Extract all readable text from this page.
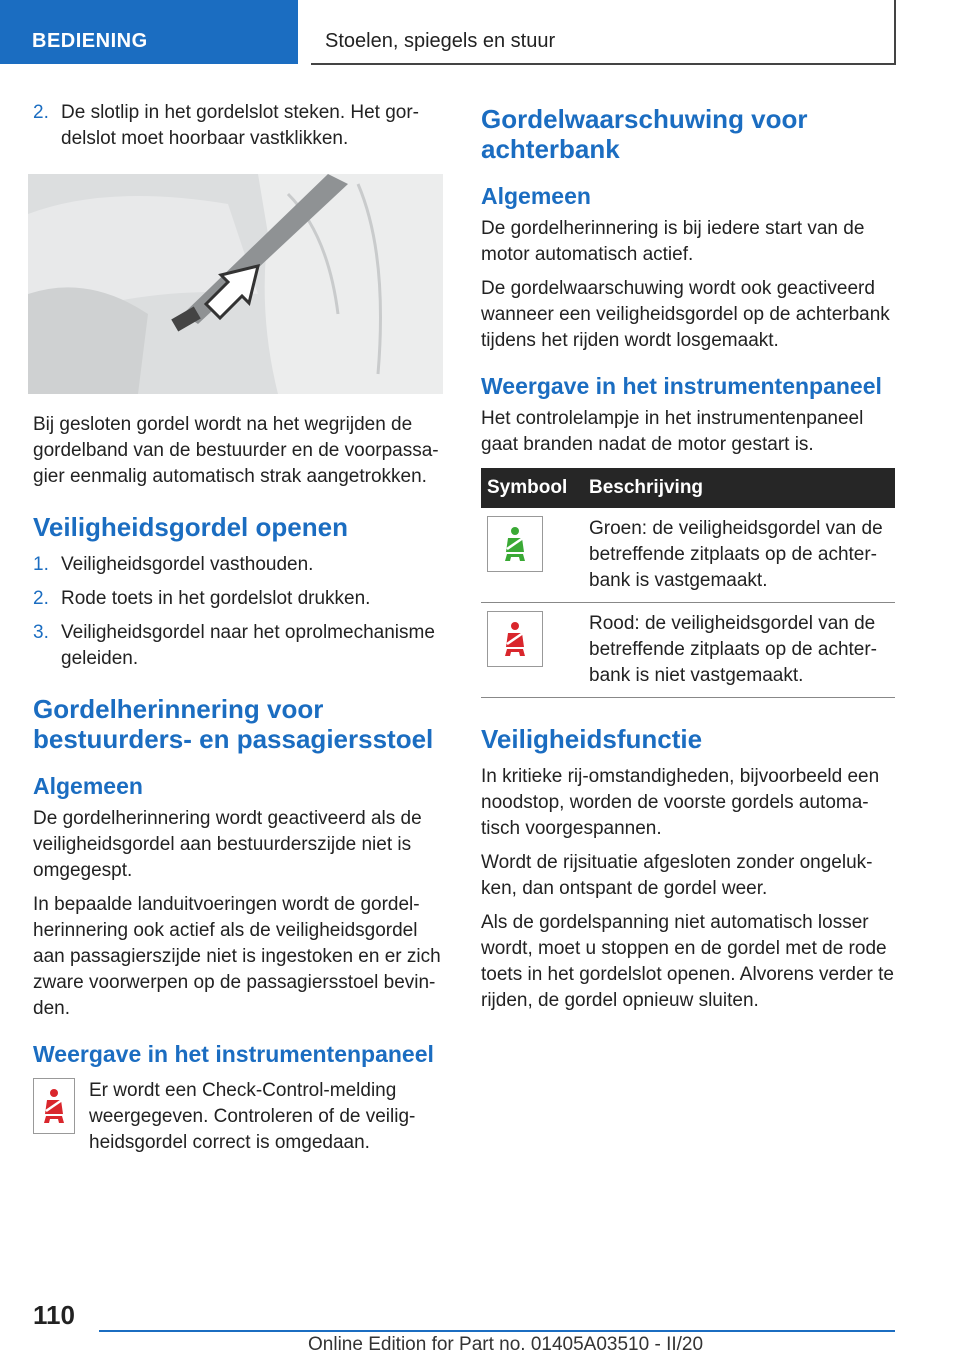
BEDIENING	Stoelen, spiegels en stuur
2. De slotlip in het gordelslot steken. Het gor-delslot moet hoorbaar vastklikken.

Bij gesloten gordel wordt na het wegrijden de gordelband van de bestuurder en de voorpassa-gier eenmalig automatisch strak aangetrokken.

Veiligheidsgordel openen
1. Veiligheidsgordel vasthouden.
2. Rode toets in het gordelslot drukken.
3. Veiligheidsgordel naar het oprolmechanisme geleiden.
Gordelherinnering voor bestuurders- en passagiersstoel
Algemeen

De gordelherinnering wordt geactiveerd als de veiligheidsgordel aan bestuurderszijde niet is omgegespt.

In bepaalde landuitvoeringen wordt de gordel-herinnering ook actief als de veiligheidsgordel aan passagierszijde niet is ingestoken en er zich zware voorwerpen op de passagiersstoel bevin-den.

Weergave in het instrumentenpaneel
Er wordt een Check-Control-melding weergegeven. Controleren of de veilig-heidsgordel correct is omgedaan.
Gordelwaarschuwing voor achterbank
Algemeen

De gordelherinnering is bij iedere start van de motor automatisch actief.

De gordelwaarschuwing wordt ook geactiveerd wanneer een veiligheidsgordel op de achterbank tijdens het rijden wordt losgemaakt.

Weergave in het instrumentenpaneel

Het controlelampje in het instrumentenpaneel gaat branden nadat de motor gestart is.

Symbool	Beschrijving

	Groen: de veiligheidsgordel van de betreffende zitplaats op de achter-bank is vastgemaakt.

	Rood: de veiligheidsgordel van de betreffende zitplaats op de achter-bank is niet vastgemaakt.
Veiligheidsfunctie

In kritieke rij-omstandigheden, bijvoorbeeld een noodstop, worden de voorste gordels automa-tisch voorgespannen.

Wordt de rijsituatie afgesloten zonder ongeluk-ken, dan ontspant de gordel weer.

Als de gordelspanning niet automatisch losser wordt, moet u stoppen en de gordel met de rode toets in het gordelslot openen. Alvorens verder te rijden, de gordel opnieuw sluiten.

110
Online Edition for Part no. 01405A03510 - II/20
